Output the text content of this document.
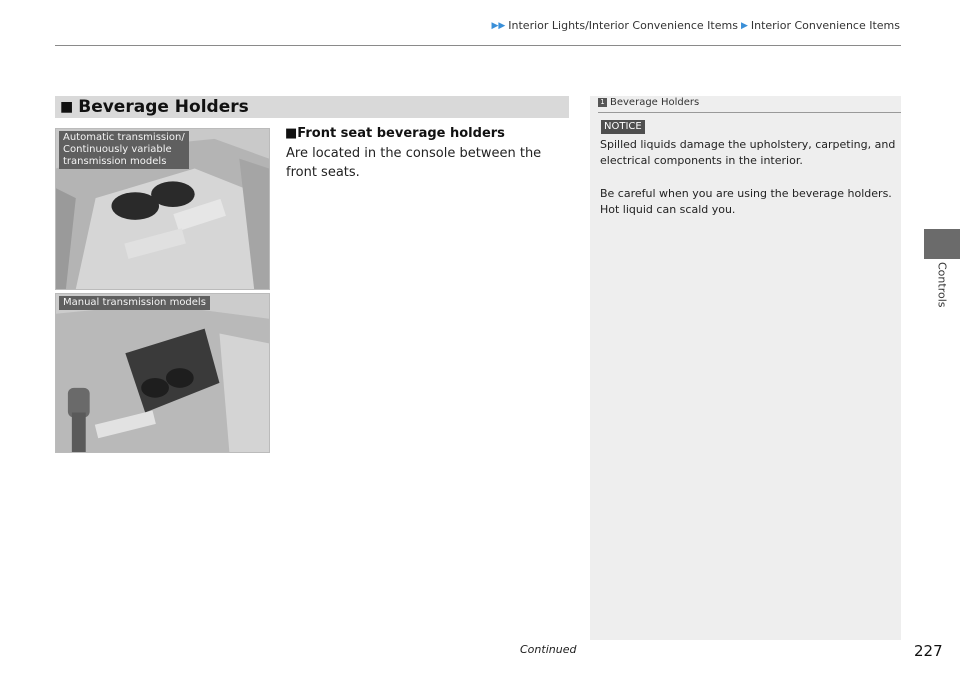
▶▶ Interior Lights/Interior Convenience Items ▶ Interior Convenience Items
Controls
■ Beverage Holders
Automatic transmission/
Continuously variable
transmission models
Manual transmission models
■Front seat beverage holders
Are located in the console between the front seats.
1 Beverage Holders
NOTICE
Spilled liquids damage the upholstery, carpeting, and electrical components in the interior.
Be careful when you are using the beverage holders. Hot liquid can scald you.
Continued	227
